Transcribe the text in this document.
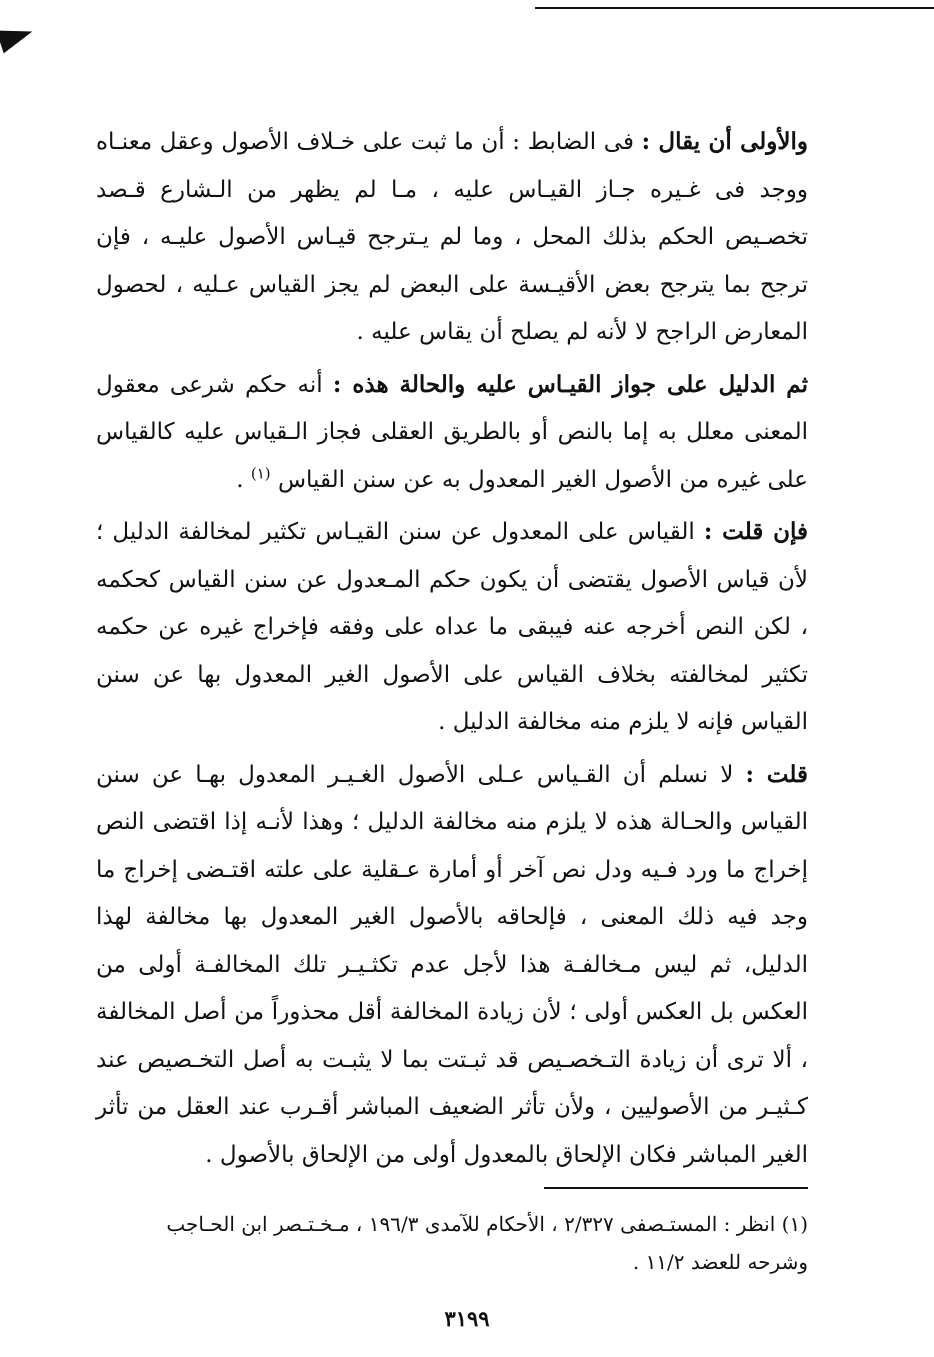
والأولى أن يقال : فى الضابط : أن ما ثبت على خـلاف الأصول وعقل معنـاه ووجد فى غـيره جـاز القيـاس عليه ، مـا لم يظهر من الـشارع قـصد تخصـيص الحكم بذلك المحل ، وما لم يـترجح قيـاس الأصول عليـه ، فإن ترجح بما يترجح بعض الأقيـسة على البعض لم يجز القياس عـليه ، لحصول المعارض الراجح لا لأنه لم يصلح أن يقاس عليه .

ثم الدليل على جواز القيـاس عليه والحالة هذه : أنه حكم شرعى معقول المعنى معلل به إما بالنص أو بالطريق العقلى فجاز الـقياس عليه كالقياس على غيره من الأصول الغير المعدول به عن سنن القياس $^{(١)}$ .

فإن قلت : القياس على المعدول عن سنن القيـاس تكثير لمخالفة الدليل ؛ لأن قياس الأصول يقتضى أن يكون حكم المـعدول عن سنن القياس كحكمه ، لكن النص أخرجه عنه فيبقى ما عداه على وفقه فإخراج غيره عن حكمه تكثير لمخالفته بخلاف القياس على الأصول الغير المعدول بها عن سنن القياس فإنه لا يلزم منه مخالفة الدليل .

قلت : لا نسلم أن القـياس عـلى الأصول الغـيـر المعدول بهـا عن سنن القياس والحـالة هذه لا يلزم منه مخالفة الدليل ؛ وهذا لأنـه إذا اقتضى النص إخراج ما ورد فـيه ودل نص آخر أو أمارة عـقلية على علته اقتـضى إخراج ما وجد فيه ذلك المعنى ، فإلحاقه بالأصول الغير المعدول بها مخالفة لهذا الدليل، ثم ليس مـخالفـة هذا لأجل عدم تكثـيـر تلك المخالفـة أولى من العكس بل العكس أولى ؛ لأن زيادة المخالفة أقل محذوراً من أصل المخالفة ، ألا ترى أن زيادة التـخصـيص قد ثبـتت بما لا يثبـت به أصل التخـصيص عند كـثيـر من الأصوليين ، ولأن تأثر الضعيف المباشر أقـرب عند العقل من تأثر الغير المباشر فكان الإلحاق بالمعدول أولى من الإلحاق بالأصول .

(١) انظر : المستـصفى ٢/٣٢٧ ، الأحكام للآمدى ١٩٦/٣ ، مـخـتـصر ابن الحـاجب

وشرحه للعضد ١١/٢ .

٣١٩٩
